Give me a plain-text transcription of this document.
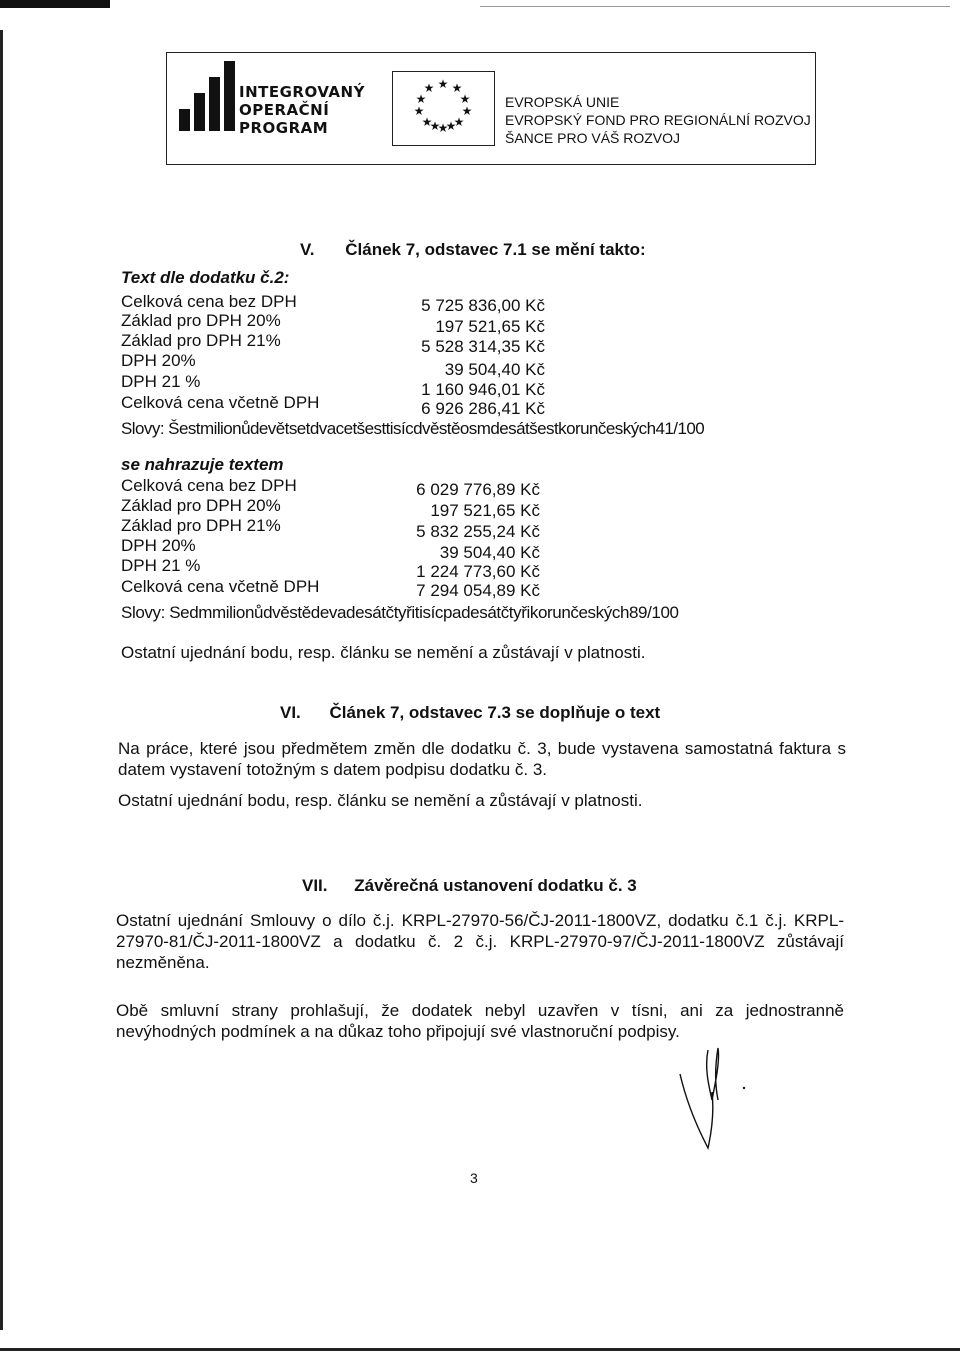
INTEGROVANÝ
OPERAČNÍ
PROGRAM
★ ★
★
★
★
★
★
★
★ ★
★
★
EVROPSKÁ UNIE
EVROPSKÝ FOND PRO REGIONÁLNÍ ROZVOJ
ŠANCE PRO VÁŠ ROZVOJ
V. Článek 7, odstavec 7.1 se mění takto:
Text dle dodatku č.2:
Celková cena bez DPH	5 725 836,00 Kč
Základ pro DPH 20%	197 521,65 Kč
Základ pro DPH 21%	5 528 314,35 Kč
DPH 20%	39 504,40 Kč
DPH 21 %	1 160 946,01 Kč
Celková cena včetně DPH	6 926 286,41 Kč
Slovy: Šestmilionůdevětsetdvacetšesttisícdvěstěosmdesátšestkorunčeských41/100
se nahrazuje textem
Celková cena bez DPH	6 029 776,89 Kč
Základ pro DPH 20%	197 521,65 Kč
Základ pro DPH 21%	5 832 255,24 Kč
DPH 20%	39 504,40 Kč
DPH 21 %	1 224 773,60 Kč
Celková cena včetně DPH	7 294 054,89 Kč
Slovy: Sedmmilionůdvěstědevadesátčtyřitisícpadesátčtyřikorunčeských89/100
Ostatní ujednání bodu, resp. článku se nemění a zůstávají v platnosti.
VI. Článek 7, odstavec 7.3 se doplňuje o text
Na práce, které jsou předmětem změn dle dodatku č. 3, bude vystavena samostatná faktura s datem vystavení totožným s datem podpisu dodatku č. 3.
Ostatní ujednání bodu, resp. článku se nemění a zůstávají v platnosti.
VII. Závěrečná ustanovení dodatku č. 3
Ostatní ujednání Smlouvy o dílo č.j. KRPL-27970-56/ČJ-2011-1800VZ, dodatku č.1 č.j. KRPL-27970-81/ČJ-2011-1800VZ a dodatku č. 2 č.j. KRPL-27970-97/ČJ-2011-1800VZ zůstávají nezměněna.
Obě smluvní strany prohlašují, že dodatek nebyl uzavřen v tísni, ani za jednostranně nevýhodných podmínek a na důkaz toho připojují své vlastnoruční podpisy.
3
